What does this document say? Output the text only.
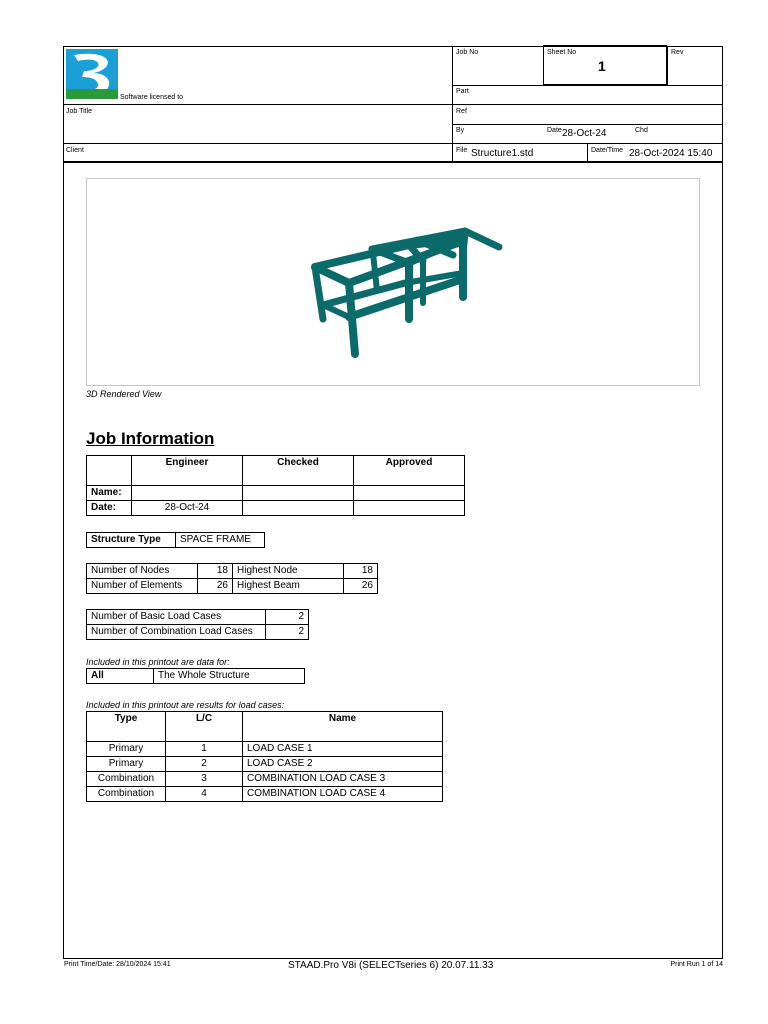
Software licensed to
Job No	Sheet No
1
Rev
Part
Ref
Job Title
By	Date 28-Oct-24	Chd
Client	File Structure1.std	Date/Time 28-Oct-2024 15:40
3D Rendered View
Job Information
	Engineer	Checked	Approved
Name:			
Date:	28-Oct-24		
Structure Type	SPACE FRAME
Number of Nodes	18	Highest Node	18
Number of Elements	26	Highest Beam	26
Number of Basic Load Cases	2
Number of Combination Load Cases	2
Included in this printout are data for:
All	The Whole Structure
Included in this printout are results for load cases:
Type	L/C	Name
Primary	1	LOAD CASE 1
Primary	2	LOAD CASE 2
Combination	3	COMBINATION LOAD CASE 3
Combination	4	COMBINATION LOAD CASE 4
Print Time/Date: 28/10/2024 15:41	STAAD.Pro V8i (SELECTseries 6) 20.07.11.33	Print Run 1 of 14
